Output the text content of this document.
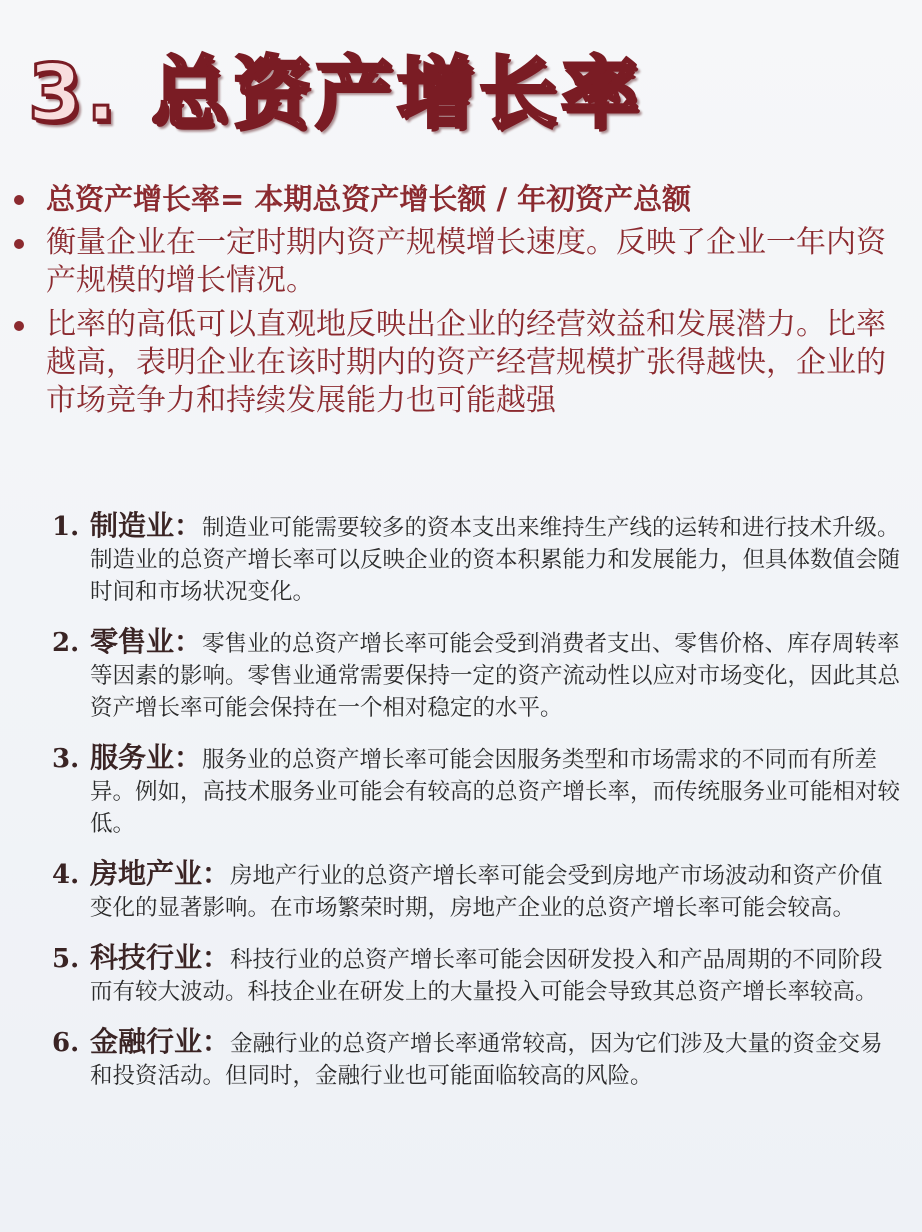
3. 总资产增长率
总资产增长率= 本期总资产增长额 / 年初资产总额
衡量企业在一定时期内资产规模增长速度。反映了企业一年内资产规模的增长情况。
比率的高低可以直观地反映出企业的经营效益和发展潜力。比率越高，表明企业在该时期内的资产经营规模扩张得越快，企业的市场竞争力和持续发展能力也可能越强
1. 制造业：制造业可能需要较多的资本支出来维持生产线的运转和进行技术升级。制造业的总资产增长率可以反映企业的资本积累能力和发展能力，但具体数值会随时间和市场状况变化。
2. 零售业：零售业的总资产增长率可能会受到消费者支出、零售价格、库存周转率等因素的影响。零售业通常需要保持一定的资产流动性以应对市场变化，因此其总资产增长率可能会保持在一个相对稳定的水平。
3. 服务业：服务业的总资产增长率可能会因服务类型和市场需求的不同而有所差异。例如，高技术服务业可能会有较高的总资产增长率，而传统服务业可能相对较低。
4. 房地产业：房地产行业的总资产增长率可能会受到房地产市场波动和资产价值变化的显著影响。在市场繁荣时期，房地产企业的总资产增长率可能会较高。
5. 科技行业：科技行业的总资产增长率可能会因研发投入和产品周期的不同阶段而有较大波动。科技企业在研发上的大量投入可能会导致其总资产增长率较高。
6. 金融行业：金融行业的总资产增长率通常较高，因为它们涉及大量的资金交易和投资活动。但同时，金融行业也可能面临较高的风险。
